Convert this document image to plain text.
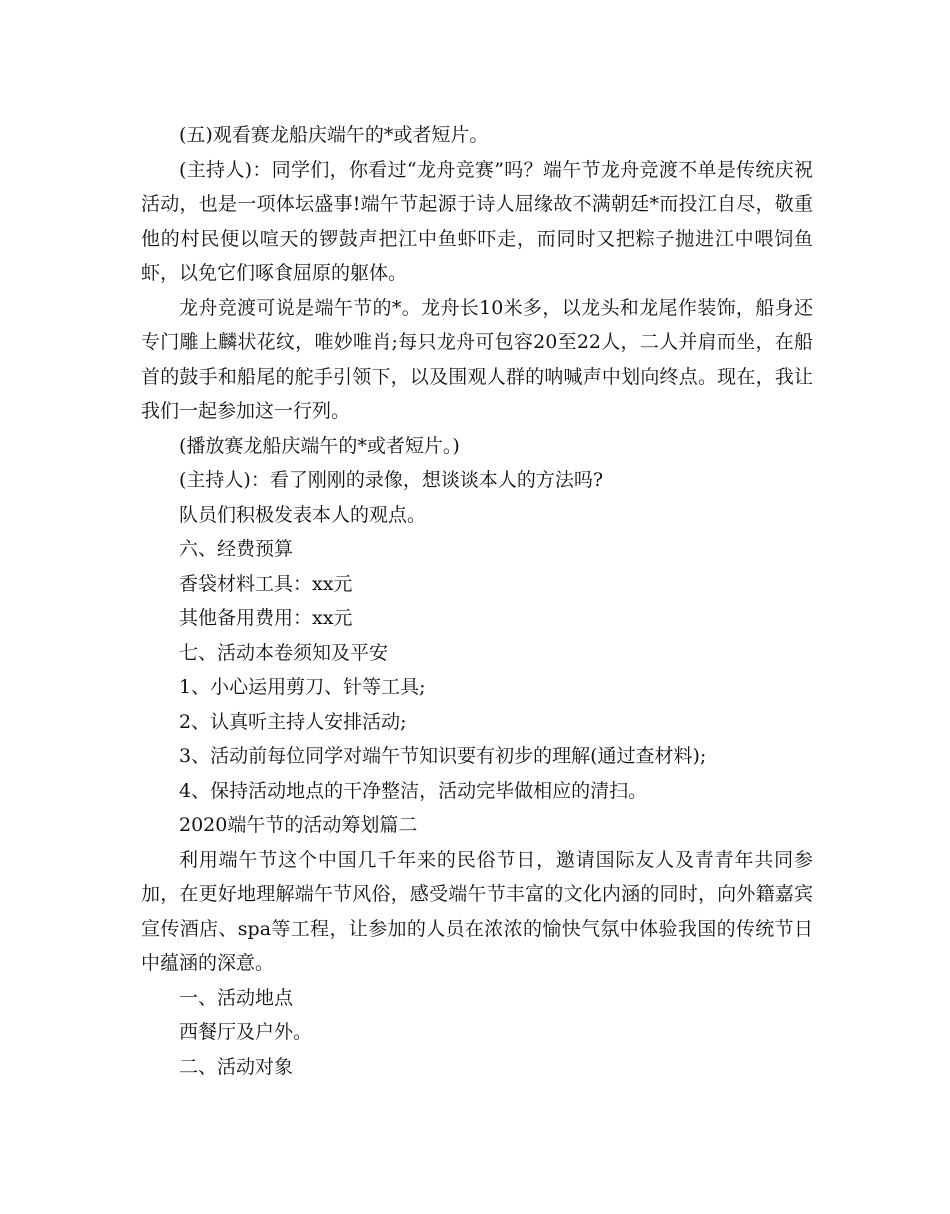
(五)观看赛龙船庆端午的*或者短片。

(主持人)：同学们，你看过“龙舟竞赛”吗？端午节龙舟竞渡不单是传统庆祝活动，也是一项体坛盛事!端午节起源于诗人屈缘故不满朝廷*而投江自尽，敬重他的村民便以喧天的锣鼓声把江中鱼虾吓走，而同时又把粽子抛进江中喂饲鱼虾，以免它们啄食屈原的躯体。

龙舟竞渡可说是端午节的*。龙舟长10米多，以龙头和龙尾作装饰，船身还专门雕上麟状花纹，唯妙唯肖;每只龙舟可包容20至22人，二人并肩而坐，在船首的鼓手和船尾的舵手引领下，以及围观人群的呐喊声中划向终点。现在，我让我们一起参加这一行列。

(播放赛龙船庆端午的*或者短片。)

(主持人)：看了刚刚的录像，想谈谈本人的方法吗?

队员们积极发表本人的观点。

六、经费预算

香袋材料工具：xx元

其他备用费用：xx元

七、活动本卷须知及平安

1、小心运用剪刀、针等工具;

2、认真听主持人安排活动;

3、活动前每位同学对端午节知识要有初步的理解(通过查材料);

4、保持活动地点的干净整洁，活动完毕做相应的清扫。

2020端午节的活动筹划篇二

利用端午节这个中国几千年来的民俗节日，邀请国际友人及青青年共同参加，在更好地理解端午节风俗，感受端午节丰富的文化内涵的同时，向外籍嘉宾宣传酒店、spa等工程，让参加的人员在浓浓的愉快气氛中体验我国的传统节日中蕴涵的深意。

一、活动地点

西餐厅及户外。

二、活动对象
